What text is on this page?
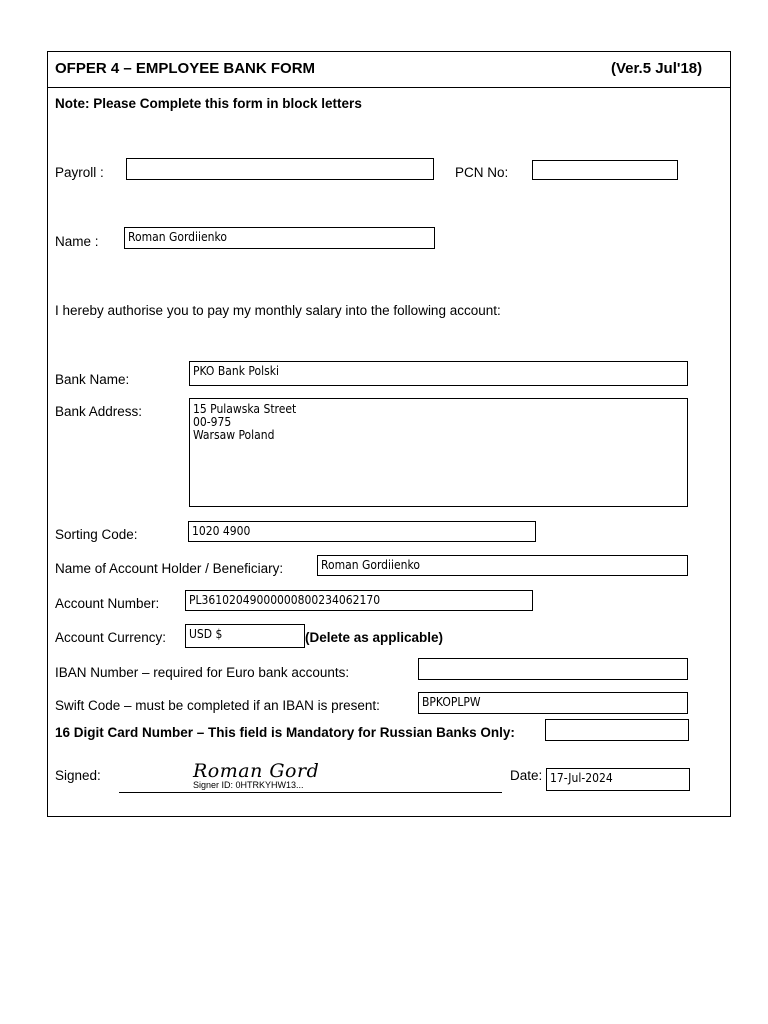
OFPER 4 – EMPLOYEE BANK FORM	(Ver.5 Jul'18)
Note: Please Complete this form in block letters
Payroll :	PCN No:
Name :	Roman Gordiienko
I hereby authorise you to pay my monthly salary into the following account:
Bank Name:
PKO Bank Polski
Bank Address:	15 Pulawska Street
00-975
Warsaw Poland
Sorting Code:	1020 4900
Name of Account Holder / Beneficiary:	Roman Gordiienko
Account Number:	PL36102049000000800234062170
Account Currency:	USD $	(Delete as applicable)
IBAN Number – required for Euro bank accounts:
Swift Code – must be completed if an IBAN is present:	BPKOPLPW
16 Digit Card Number – This field is Mandatory for Russian Banks Only:
Signed:	Roman Gord
Signer ID: 0HTRKYHW13...
Date: 17-Jul-2024
